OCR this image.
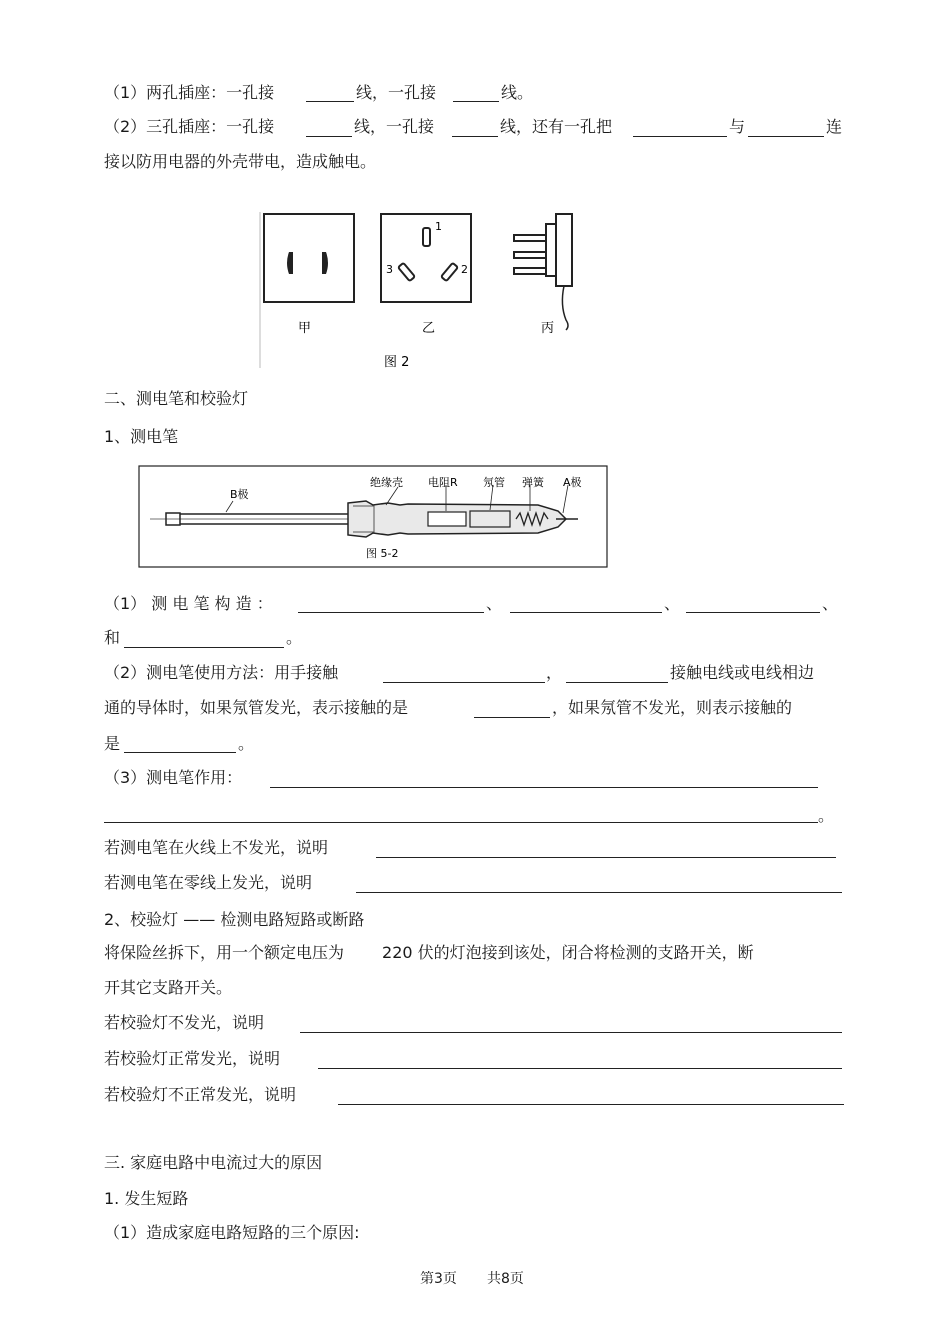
（1）两孔插座：一孔接	线，一孔接	线。
（2）三孔插座：一孔接	线，一孔接	线，还有一孔把	与	连
接以防用电器的外壳带电，造成触电。
1
3	2
甲	乙	丙
图 2
二、测电笔和校验灯
1、测电笔
B极
绝缘壳 电阻R 氖管 弹簧 A极
图 5-2
（1） 测 电 笔 构 造 ：	、	、	、
和	。
（2）测电笔使用方法：用手接触	，	接触电线或电线相边
通的导体时，如果氖管发光，表示接触的是	，如果氖管不发光，则表示接触的
是	。
（3）测电笔作用：
。
若测电笔在火线上不发光，说明
若测电笔在零线上发光，说明
2、校验灯 —— 检测电路短路或断路
将保险丝拆下，用一个额定电压为 220 伏的灯泡接到该处，闭合将检测的支路开关，断
开其它支路开关。
若校验灯不发光，说明
若校验灯正常发光，说明
若校验灯不正常发光，说明
三. 家庭电路中电流过大的原因
1. 发生短路
（1）造成家庭电路短路的三个原因:
第3页 共8页
